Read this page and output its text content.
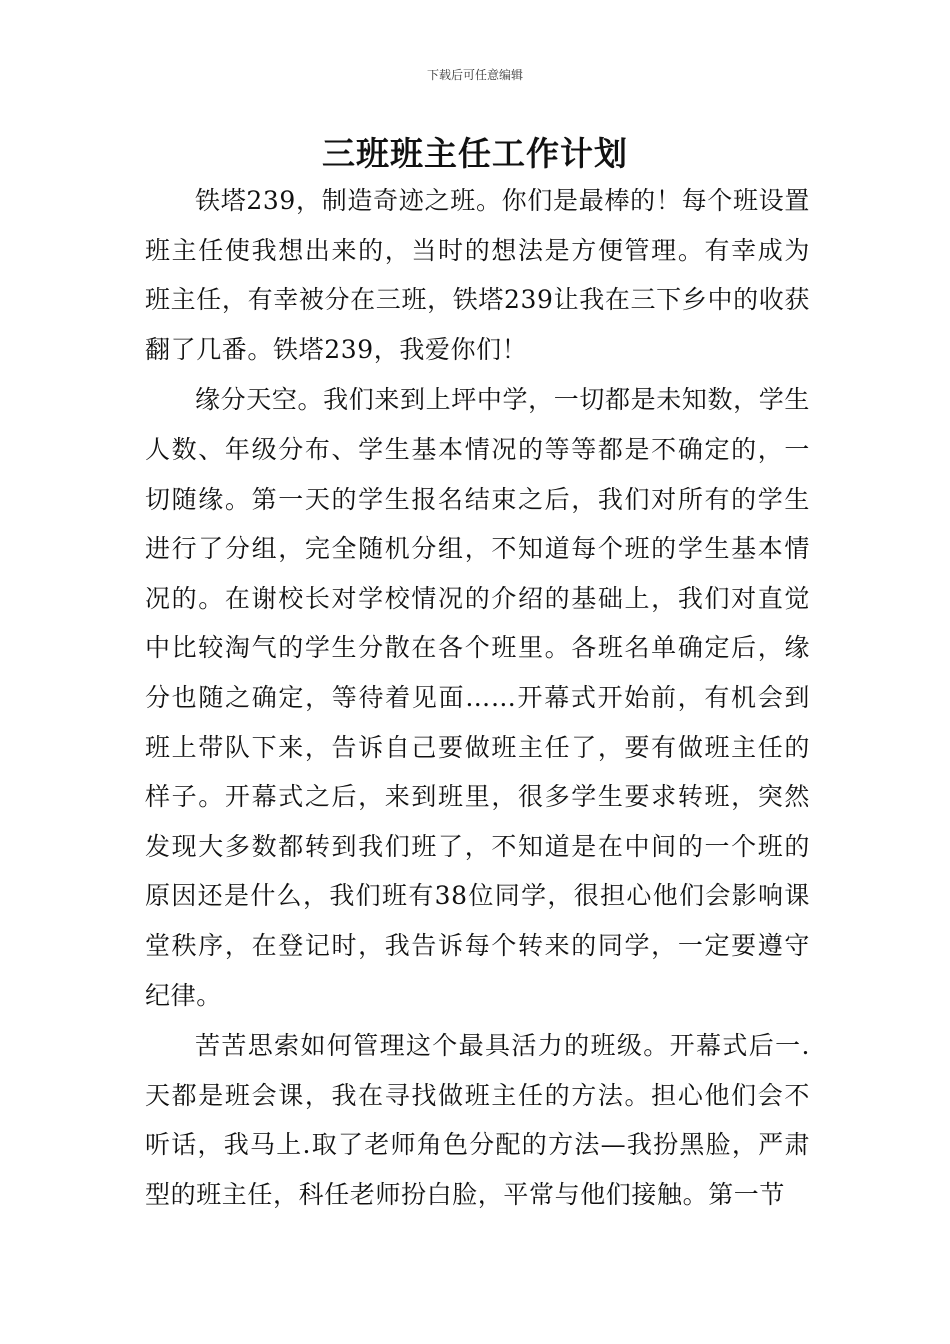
下载后可任意编辑
三班班主任工作计划

铁塔239，制造奇迹之班。你们是最棒的！每个班设置班主任使我想出来的，当时的想法是方便管理。有幸成为班主任，有幸被分在三班，铁塔239让我在三下乡中的收获翻了几番。铁塔239，我爱你们！

缘分天空。我们来到上坪中学，一切都是未知数，学生人数、年级分布、学生基本情况的等等都是不确定的，一切随缘。第一天的学生报名结束之后，我们对所有的学生进行了分组，完全随机分组，不知道每个班的学生基本情况的。在谢校长对学校情况的介绍的基础上，我们对直觉中比较淘气的学生分散在各个班里。各班名单确定后，缘分也随之确定，等待着见面……开幕式开始前，有机会到班上带队下来，告诉自己要做班主任了，要有做班主任的样子。开幕式之后，来到班里，很多学生要求转班，突然发现大多数都转到我们班了，不知道是在中间的一个班的原因还是什么，我们班有38位同学，很担心他们会影响课堂秩序，在登记时，我告诉每个转来的同学，一定要遵守纪律。

苦苦思索如何管理这个最具活力的班级。开幕式后一.天都是班会课，我在寻找做班主任的方法。担心他们会不听话，我马上.取了老师角色分配的方法—我扮黑脸，严肃型的班主任，科任老师扮白脸，平常与他们接触。第一节
